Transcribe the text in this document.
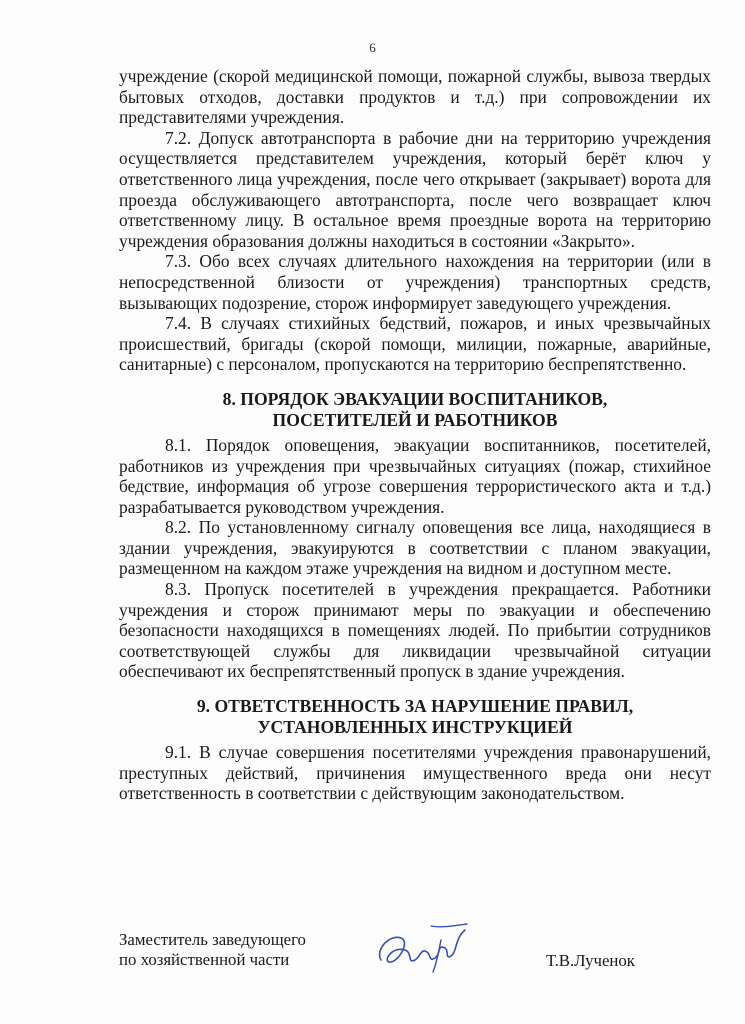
6

учреждение (скорой медицинской помощи, пожарной службы, вывоза твердых бытовых отходов, доставки продуктов и т.д.) при сопровождении их представителями учреждения.

7.2. Допуск автотранспорта в рабочие дни на территорию учреждения осуществляется представителем учреждения, который берёт ключ у ответственного лица учреждения, после чего открывает (закрывает) ворота для проезда обслуживающего автотранспорта, после чего возвращает ключ ответственному лицу. В остальное время проездные ворота на территорию учреждения образования должны находиться в состоянии «Закрыто».

7.3. Обо всех случаях длительного нахождения на территории (или в непосредственной близости от учреждения) транспортных средств, вызывающих подозрение, сторож информирует заведующего учреждения.

7.4. В случаях стихийных бедствий, пожаров, и иных чрезвычайных происшествий, бригады (скорой помощи, милиции, пожарные, аварийные, санитарные) с персоналом, пропускаются на территорию беспрепятственно.

8. ПОРЯДОК ЭВАКУАЦИИ ВОСПИТАНИКОВ,
ПОСЕТИТЕЛЕЙ И РАБОТНИКОВ

8.1. Порядок оповещения, эвакуации воспитанников, посетителей, работников из учреждения при чрезвычайных ситуациях (пожар, стихийное бедствие, информация об угрозе совершения террористического акта и т.д.) разрабатывается руководством учреждения.

8.2. По установленному сигналу оповещения все лица, находящиеся в здании учреждения, эвакуируются в соответствии с планом эвакуации, размещенном на каждом этаже учреждения на видном и доступном месте.

8.3. Пропуск посетителей в учреждения прекращается. Работники учреждения и сторож принимают меры по эвакуации и обеспечению безопасности находящихся в помещениях людей. По прибытии сотрудников соответствующей службы для ликвидации чрезвычайной ситуации обеспечивают их беспрепятственный пропуск в здание учреждения.

9. ОТВЕТСТВЕННОСТЬ ЗА НАРУШЕНИЕ ПРАВИЛ,
УСТАНОВЛЕННЫХ ИНСТРУКЦИЕЙ

9.1. В случае совершения посетителями учреждения правонарушений, преступных действий, причинения имущественного вреда они несут ответственность в соответствии с действующим законодательством.

Заместитель заведующего
по хозяйственной части	Т.В.Лученок
